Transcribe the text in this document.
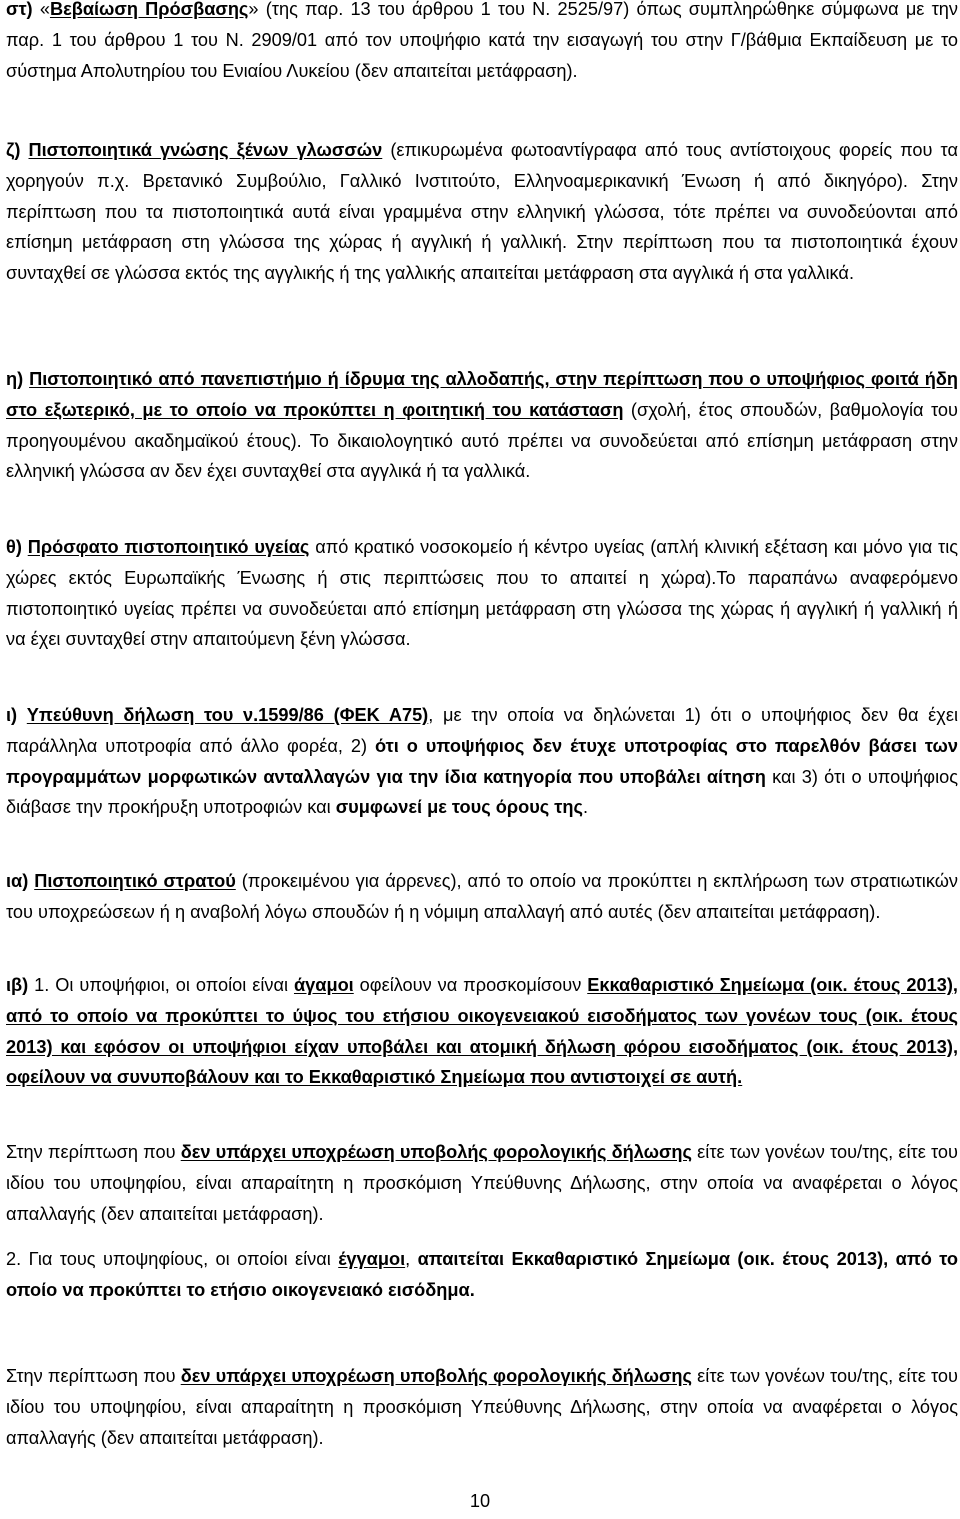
στ) «Βεβαίωση Πρόσβασης» (της παρ. 13 του άρθρου 1 του Ν. 2525/97) όπως συμπληρώθηκε σύμφωνα με την παρ. 1 του άρθρου 1 του Ν. 2909/01 από τον υποψήφιο κατά την εισαγωγή του στην Γ/βάθμια Εκπαίδευση με το σύστημα Απολυτηρίου του Ενιαίου Λυκείου (δεν απαιτείται μετάφραση).

ζ) Πιστοποιητικά γνώσης ξένων γλωσσών (επικυρωμένα φωτοαντίγραφα από τους αντίστοιχους φορείς που τα χορηγούν π.χ. Βρετανικό Συμβούλιο, Γαλλικό Ινστιτούτο, Ελληνοαμερικανική Ένωση ή από δικηγόρο). Στην περίπτωση που τα πιστοποιητικά αυτά είναι γραμμένα στην ελληνική γλώσσα, τότε πρέπει να συνοδεύονται από επίσημη μετάφραση στη γλώσσα της χώρας ή αγγλική ή γαλλική. Στην περίπτωση που τα πιστοποιητικά έχουν συνταχθεί σε γλώσσα εκτός της αγγλικής ή της γαλλικής απαιτείται μετάφραση στα αγγλικά ή στα γαλλικά.

η) Πιστοποιητικό από πανεπιστήμιο ή ίδρυμα της αλλοδαπής, στην περίπτωση που ο υποψήφιος φοιτά ήδη στο εξωτερικό, με το οποίο να προκύπτει η φοιτητική του κατάσταση (σχολή, έτος σπουδών, βαθμολογία του προηγουμένου ακαδημαϊκού έτους). Το δικαιολογητικό αυτό πρέπει να συνοδεύεται από επίσημη μετάφραση στην ελληνική γλώσσα αν δεν έχει συνταχθεί στα αγγλικά ή τα γαλλικά.

θ) Πρόσφατο πιστοποιητικό υγείας από κρατικό νοσοκομείο ή κέντρο υγείας (απλή κλινική εξέταση και μόνο για τις χώρες εκτός Ευρωπαϊκής Ένωσης ή στις περιπτώσεις που το απαιτεί η χώρα).Το παραπάνω αναφερόμενο πιστοποιητικό υγείας πρέπει να συνοδεύεται από επίσημη μετάφραση στη γλώσσα της χώρας ή αγγλική ή γαλλική ή να έχει συνταχθεί στην απαιτούμενη ξένη γλώσσα.

ι) Υπεύθυνη δήλωση του ν.1599/86 (ΦΕΚ Α75), με την οποία να δηλώνεται 1) ότι ο υποψήφιος δεν θα έχει παράλληλα υποτροφία από άλλο φορέα, 2) ότι ο υποψήφιος δεν έτυχε υποτροφίας στο παρελθόν βάσει των προγραμμάτων μορφωτικών ανταλλαγών για την ίδια κατηγορία που υποβάλει αίτηση και 3) ότι ο υποψήφιος διάβασε την προκήρυξη υποτροφιών και συμφωνεί με τους όρους της.

ια) Πιστοποιητικό στρατού (προκειμένου για άρρενες), από το οποίο να προκύπτει η εκπλήρωση των στρατιωτικών του υποχρεώσεων ή η αναβολή λόγω σπουδών ή η νόμιμη απαλλαγή από αυτές (δεν απαιτείται μετάφραση).

ιβ) 1. Οι υποψήφιοι, οι οποίοι είναι άγαμοι οφείλουν να προσκομίσουν Εκκαθαριστικό Σημείωμα (οικ. έτους 2013), από το οποίο να προκύπτει το ύψος του ετήσιου οικογενειακού εισοδήματος των γονέων τους (οικ. έτους 2013) και εφόσον οι υποψήφιοι είχαν υποβάλει και ατομική δήλωση φόρου εισοδήματος (οικ. έτους 2013), οφείλουν να συνυποβάλουν και το Εκκαθαριστικό Σημείωμα που αντιστοιχεί σε αυτή.

Στην περίπτωση που δεν υπάρχει υποχρέωση υποβολής φορολογικής δήλωσης είτε των γονέων του/της, είτε του ιδίου του υποψηφίου, είναι απαραίτητη η προσκόμιση Υπεύθυνης Δήλωσης, στην οποία να αναφέρεται ο λόγος απαλλαγής (δεν απαιτείται μετάφραση).

2. Για τους υποψηφίους, οι οποίοι είναι έγγαμοι, απαιτείται Εκκαθαριστικό Σημείωμα (οικ. έτους 2013), από το οποίο να προκύπτει το ετήσιο οικογενειακό εισόδημα.

Στην περίπτωση που δεν υπάρχει υποχρέωση υποβολής φορολογικής δήλωσης είτε των γονέων του/της, είτε του ιδίου του υποψηφίου, είναι απαραίτητη η προσκόμιση Υπεύθυνης Δήλωσης, στην οποία να αναφέρεται ο λόγος απαλλαγής (δεν απαιτείται μετάφραση).

10
